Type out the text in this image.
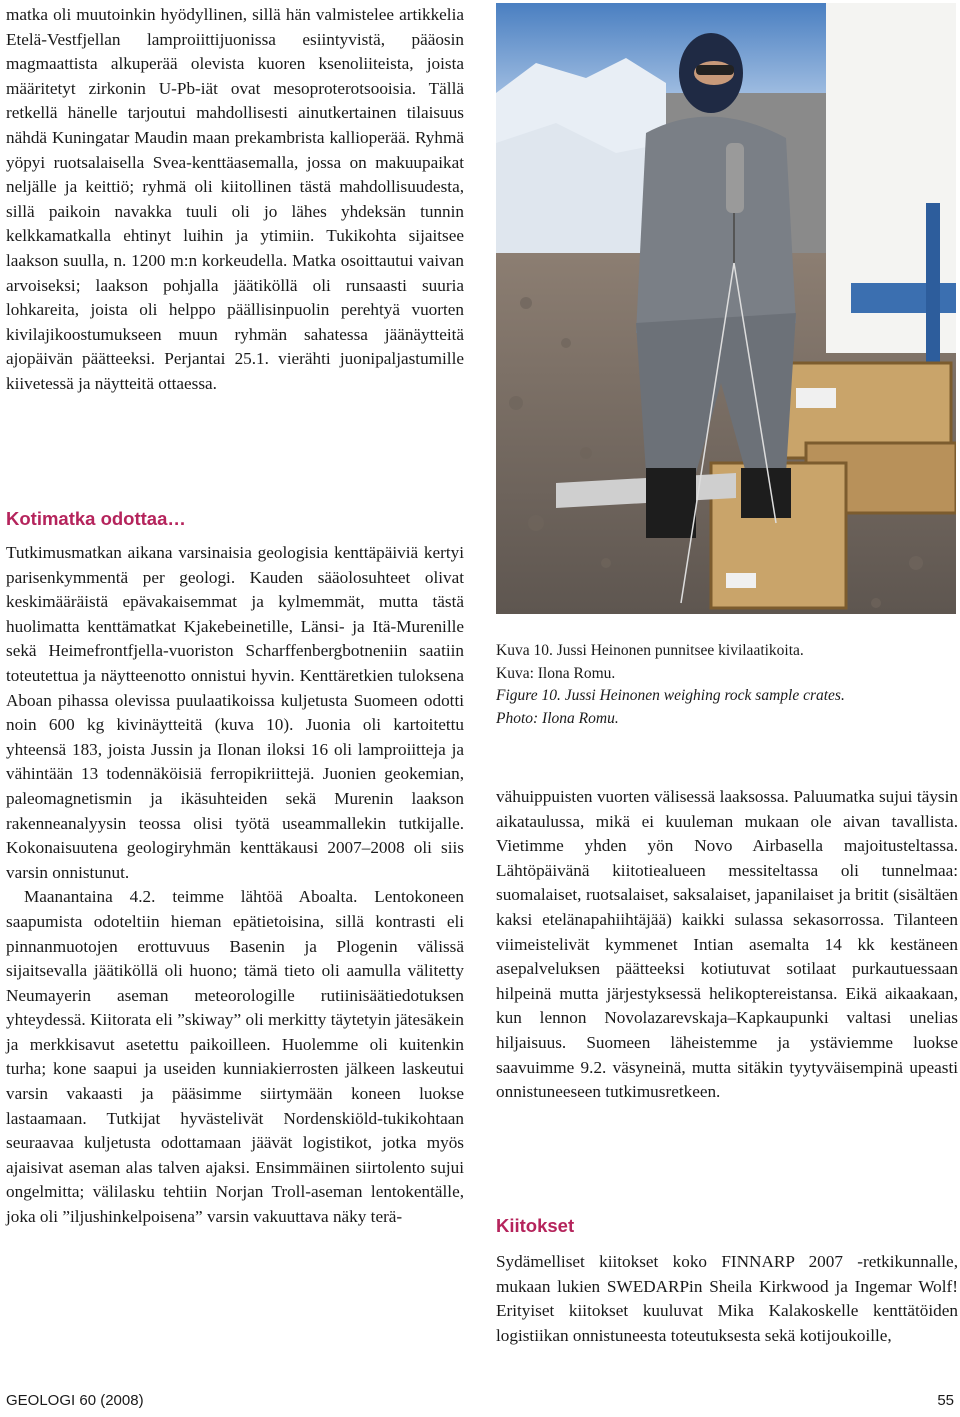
matka oli muutoinkin hyödyllinen, sillä hän valmistelee artikkelia Etelä-Vestfjellan lamproiittijuonissa esiintyvistä, pääosin magmaattista alkuperää olevista kuoren ksenoliiteista, joista määritetyt zirkonin U-Pb-iät ovat mesoproterotsooisia. Tällä retkellä hänelle tarjoutui mahdollisesti ainutkertainen tilaisuus nähdä Kuningatar Maudin maan prekambrista kallioperää. Ryhmä yöpyi ruotsalaisella Svea-kenttäasemalla, jossa on makuupaikat neljälle ja keittiö; ryhmä oli kiitollinen tästä mahdollisuudesta, sillä paikoin navakka tuuli oli jo lähes yhdeksän tunnin kelkkamatkalla ehtinyt luihin ja ytimiin. Tukikohta sijaitsee laakson suulla, n. 1200 m:n korkeudella. Matka osoittautui vaivan arvoiseksi; laakson pohjalla jäätiköllä oli runsaasti suuria lohkareita, joista oli helppo päällisinpuolin perehtyä vuorten kivilajikoostumukseen muun ryhmän sahatessa jäänäytteitä ajopäivän päätteeksi. Perjantai 25.1. vierähti juonipaljastumille kiivetessä ja näytteitä ottaessa.

Kotimatka odottaa…

Tutkimusmatkan aikana varsinaisia geologisia kenttäpäiviä kertyi parisenkymmentä per geologi. Kauden sääolosuhteet olivat keskimääräistä epävakaisemmat ja kylmemmät, mutta tästä huolimatta kenttämatkat Kjakebeinetille, Länsi- ja Itä-Murenille sekä Heimefrontfjella-vuoriston Scharffenbergbotneniin saatiin toteutettua ja näytteenotto onnistui hyvin. Kenttäretkien tuloksena Aboan pihassa olevissa puulaatikoissa kuljetusta Suomeen odotti noin 600 kg kivinäytteitä (kuva 10). Juonia oli kartoitettu yhteensä 183, joista Jussin ja Ilonan iloksi 16 oli lamproiitteja ja vähintään 13 todennäköisiä ferropikriittejä. Juonien geokemian, paleomagnetismin ja ikäsuhteiden sekä Murenin laakson rakenneanalyysin teossa olisi työtä useammallekin tutkijalle. Kokonaisuutena geologiryhmän kenttäkausi 2007–2008 oli siis varsin onnistunut.

Maanantaina 4.2. teimme lähtöä Aboalta. Lentokoneen saapumista odoteltiin hieman epätietoisina, sillä kontrasti eli pinnanmuotojen erottuvuus Basenin ja Plogenin välissä sijaitsevalla jäätiköllä oli huono; tämä tieto oli aamulla välitetty Neumayerin aseman meteorologille rutiinisäätiedotuksen yhteydessä. Kiitorata eli ”skiway” oli merkitty täytetyin jätesäkein ja merkkisavut asetettu paikoilleen. Huolemme oli kuitenkin turha; kone saapui ja useiden kunniakierrosten jälkeen laskeutui varsin vakaasti ja pääsimme siirtymään koneen luokse lastaamaan. Tutkijat hyvästelivät Nordenskiöld-tukikohtaan seuraavaa kuljetusta odottamaan jäävät logistikot, jotka myös ajaisivat aseman alas talven ajaksi. Ensimmäinen siirtolento sujui ongelmitta; välilasku tehtiin Norjan Troll-aseman lentokentälle, joka oli ”iljushinkelpoisena” varsin vakuuttava näky terä-

Kuva 10. Jussi Heinonen punnitsee kivilaatikoita.

Kuva: Ilona Romu.

Figure 10. Jussi Heinonen weighing rock sample crates.

Photo: Ilona Romu.

vähuippuisten vuorten välisessä laaksossa. Paluumatka sujui täysin aikataulussa, mikä ei kuuleman mukaan ole aivan tavallista. Vietimme yhden yön Novo Airbasella majoitusteltassa. Lähtöpäivänä kiitotiealueen messiteltassa oli tunnelmaa: suomalaiset, ruotsalaiset, saksalaiset, japanilaiset ja britit (sisältäen kaksi etelänapahiihtäjää) kaikki sulassa sekasorrossa. Tilanteen viimeistelivät kymmenet Intian asemalta 14 kk kestäneen asepalveluksen päätteeksi kotiutuvat sotilaat purkautuessaan hilpeinä mutta järjestyksessä helikoptereistansa. Eikä aikaakaan, kun lennon Novolazarevskaja–Kapkaupunki valtasi unelias hiljaisuus. Suomeen läheistemme ja ystäviemme luokse saavuimme 9.2. väsyneinä, mutta sitäkin tyytyväisempinä upeasti onnistuneeseen tutkimusretkeen.

Kiitokset

Sydämelliset kiitokset koko FINNARP 2007 -retkikunnalle, mukaan lukien SWEDARPin Sheila Kirkwood ja Ingemar Wolf! Erityiset kiitokset kuuluvat Mika Kalakoskelle kenttätöiden logistiikan onnistuneesta toteutuksesta sekä kotijoukoille,

GEOLOGI 60 (2008)	55
